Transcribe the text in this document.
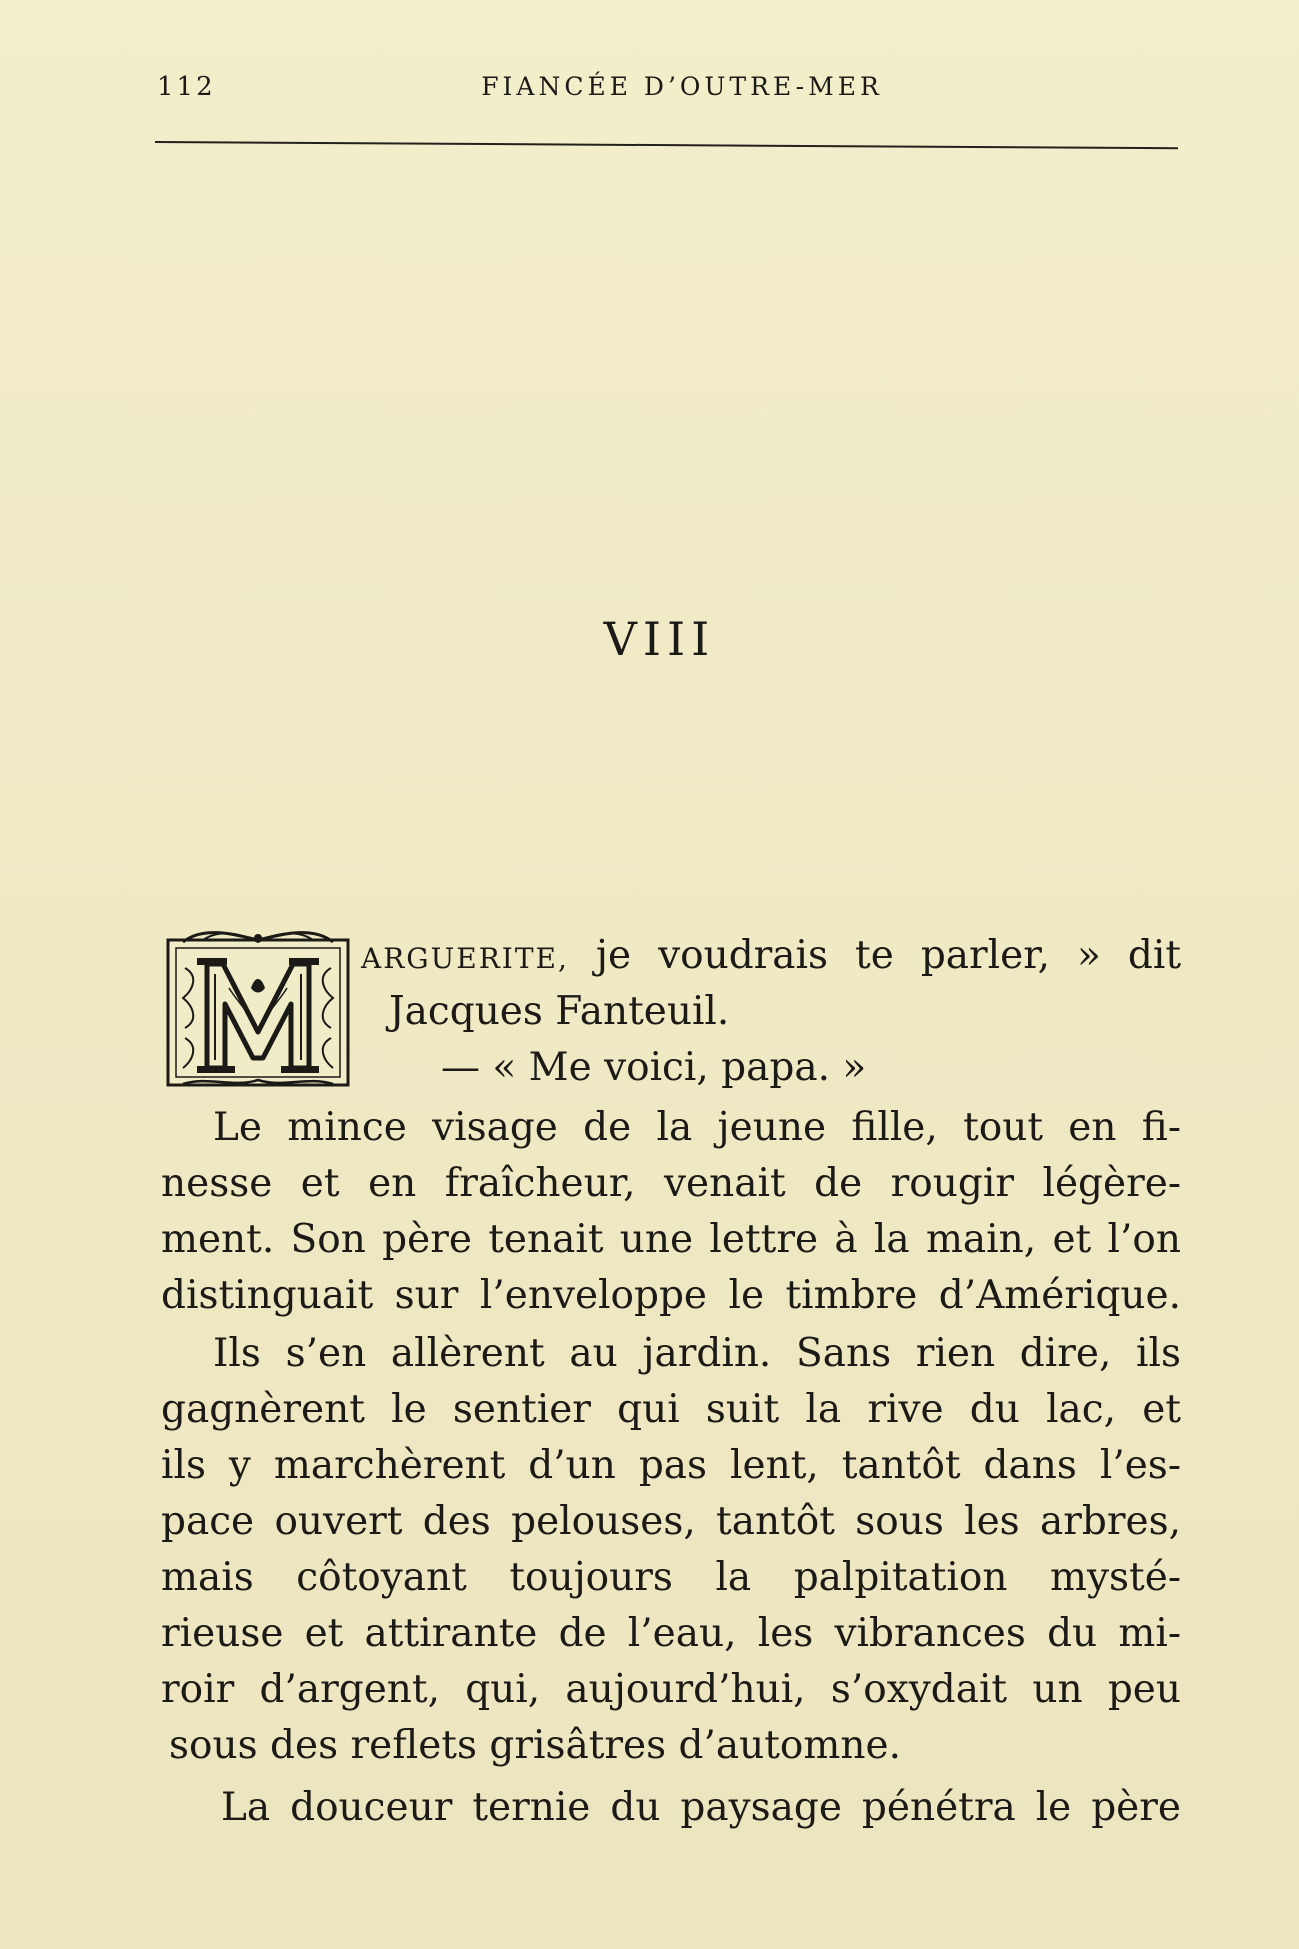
112	FIANCÉE D’OUTRE-MER
VIII
ARGUERITE, je voudrais te parler, » dit
Jacques Fanteuil.
— « Me voici, papa. »
Le mince visage de la jeune fille, tout en fi-
nesse et en fraîcheur, venait de rougir légère-
ment. Son père tenait une lettre à la main, et l’on
distinguait sur l’enveloppe le timbre d’Amérique.
Ils s’en allèrent au jardin. Sans rien dire, ils
gagnèrent le sentier qui suit la rive du lac, et
ils y marchèrent d’un pas lent, tantôt dans l’es-
pace ouvert des pelouses, tantôt sous les arbres,
mais côtoyant toujours la palpitation mysté-
rieuse et attirante de l’eau, les vibrances du mi-
roir d’argent, qui, aujourd’hui, s’oxydait un peu
sous des reflets grisâtres d’automne.
La douceur ternie du paysage pénétra le père
